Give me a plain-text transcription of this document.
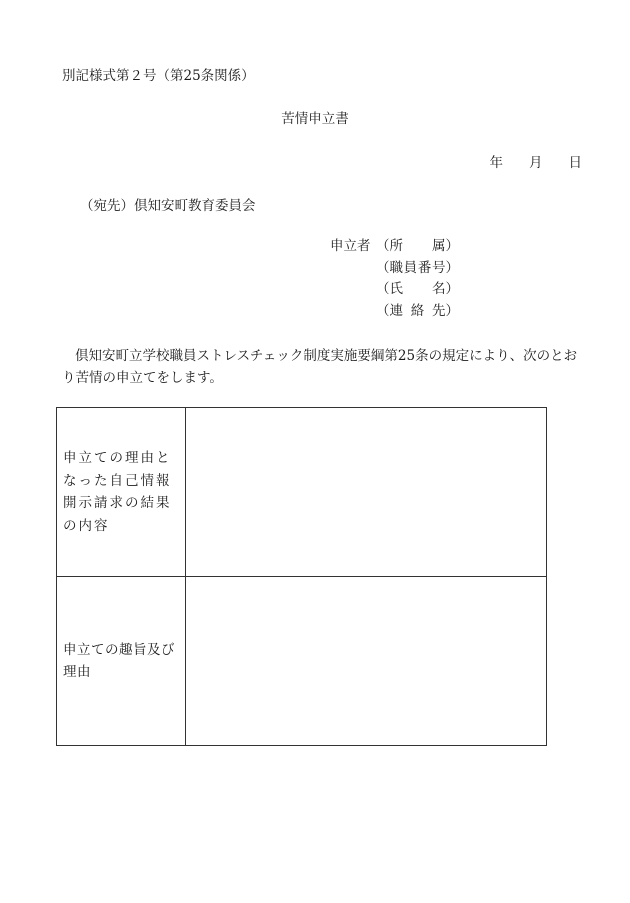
別記様式第２号（第25条関係）
苦情申立書
年 月 日
（宛先）倶知安町教育委員会
申立者 （ 所　　属 ）
（ 職員番号 ）
（ 氏　　名 ）
（ 連 絡 先 ）
倶知安町立学校職員ストレスチェック制度実施要綱第25条の規定により、次のとおり苦情の申立てをします。
申立ての理由となった自己情報開示請求の結果の内容	

申立ての趣旨及び理由	
